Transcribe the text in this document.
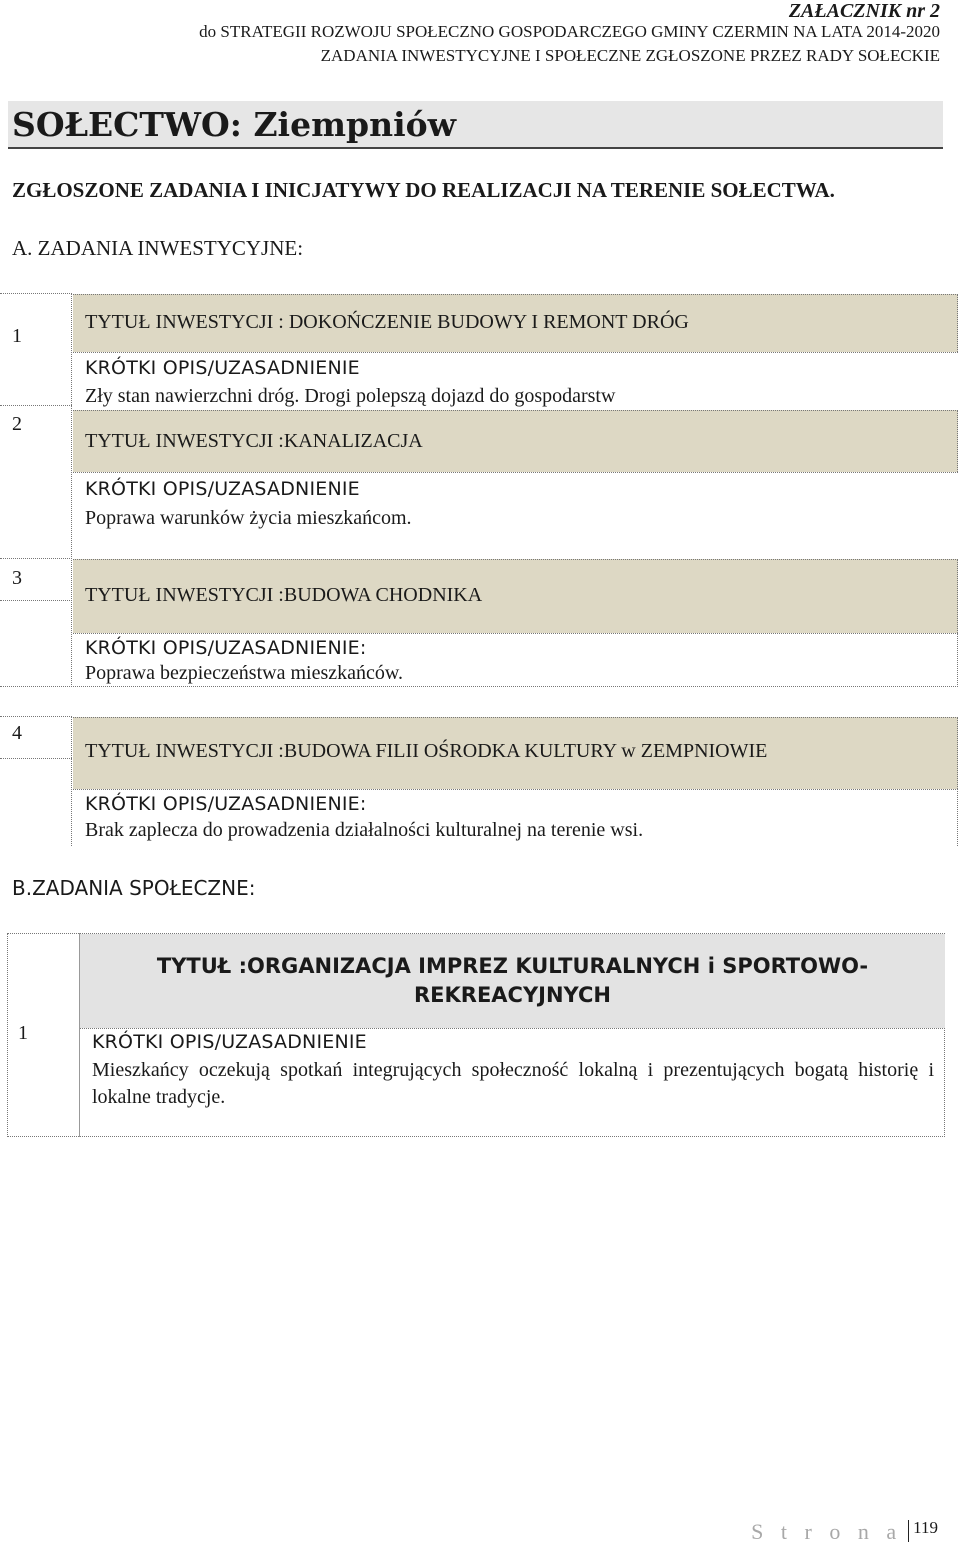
ZAŁACZNIK nr 2
do STRATEGII ROZWOJU SPOŁECZNO GOSPODARCZEGO GMINY CZERMIN NA LATA 2014-2020
ZADANIA INWESTYCYJNE I SPOŁECZNE ZGŁOSZONE PRZEZ RADY SOŁECKIE
SOŁECTWO: Ziempniów
ZGŁOSZONE ZADANIA I INICJATYWY DO REALIZACJI NA TERENIE SOŁECTWA.
A. ZADANIA INWESTYCYJNE:
1
2
3
TYTUŁ INWESTYCJI : DOKOŃCZENIE BUDOWY I REMONT DRÓG
KRÓTKI OPIS/UZASADNIENIE
Zły stan nawierzchni dróg. Drogi polepszą dojazd do gospodarstw
TYTUŁ INWESTYCJI :KANALIZACJA
KRÓTKI OPIS/UZASADNIENIE
Poprawa warunków życia mieszkańcom.
TYTUŁ INWESTYCJI :BUDOWA CHODNIKA
KRÓTKI OPIS/UZASADNIENIE:
Poprawa bezpieczeństwa mieszkańców.
4
TYTUŁ INWESTYCJI :BUDOWA FILII OŚRODKA KULTURY w ZEMPNIOWIE
KRÓTKI OPIS/UZASADNIENIE:
Brak zaplecza do prowadzenia działalności kulturalnej na terenie wsi.
B.ZADANIA SPOŁECZNE:
1
TYTUŁ :ORGANIZACJA IMPREZ KULTURALNYCH i SPORTOWO-
REKREACYJNYCH
KRÓTKI OPIS/UZASADNIENIE
Mieszkańcy oczekują spotkań integrujących społeczność lokalną i prezentujących bogatą historię i lokalne tradycje.
S t r o n a 119
